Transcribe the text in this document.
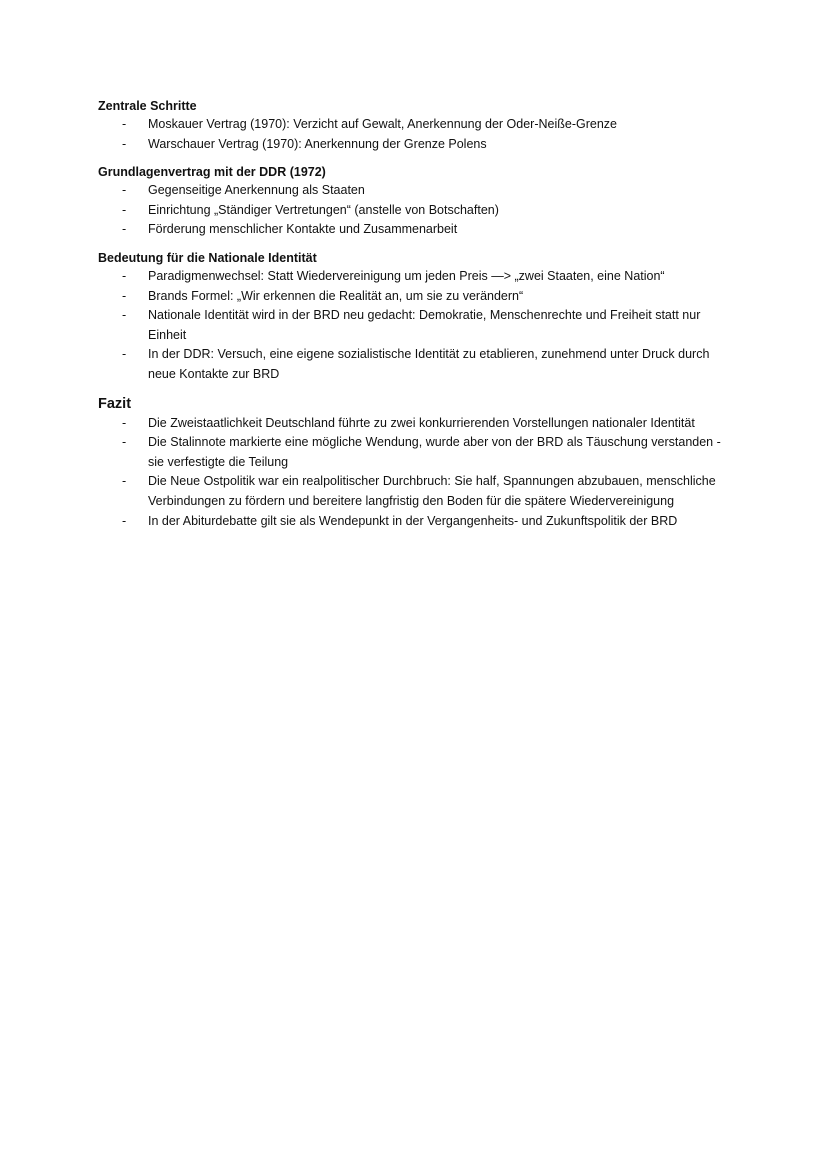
Zentrale Schritte
- Moskauer Vertrag (1970): Verzicht auf Gewalt, Anerkennung der Oder-Neiße-Grenze
- Warschauer Vertrag (1970): Anerkennung der Grenze Polens
Grundlagenvertrag mit der DDR (1972)
- Gegenseitige Anerkennung als Staaten
- Einrichtung „Ständiger Vertretungen“ (anstelle von Botschaften)
- Förderung menschlicher Kontakte und Zusammenarbeit
Bedeutung für die Nationale Identität
- Paradigmenwechsel: Statt Wiedervereinigung um jeden Preis —> „zwei Staaten, eine Nation“
- Brands Formel: „Wir erkennen die Realität an, um sie zu verändern“
- Nationale Identität wird in der BRD neu gedacht: Demokratie, Menschenrechte und Freiheit statt nur Einheit
- In der DDR: Versuch, eine eigene sozialistische Identität zu etablieren, zunehmend unter Druck durch neue Kontakte zur BRD
Fazit
- Die Zweistaatlichkeit Deutschland führte zu zwei konkurrierenden Vorstellungen nationaler Identität
- Die Stalinnote markierte eine mögliche Wendung, wurde aber von der BRD als Täuschung verstanden - sie verfestigte die Teilung
- Die Neue Ostpolitik war ein realpolitischer Durchbruch: Sie half, Spannungen abzubauen, menschliche Verbindungen zu fördern und bereitere langfristig den Boden für die spätere Wiedervereinigung
- In der Abiturdebatte gilt sie als Wendepunkt in der Vergangenheits- und Zukunftspolitik der BRD
